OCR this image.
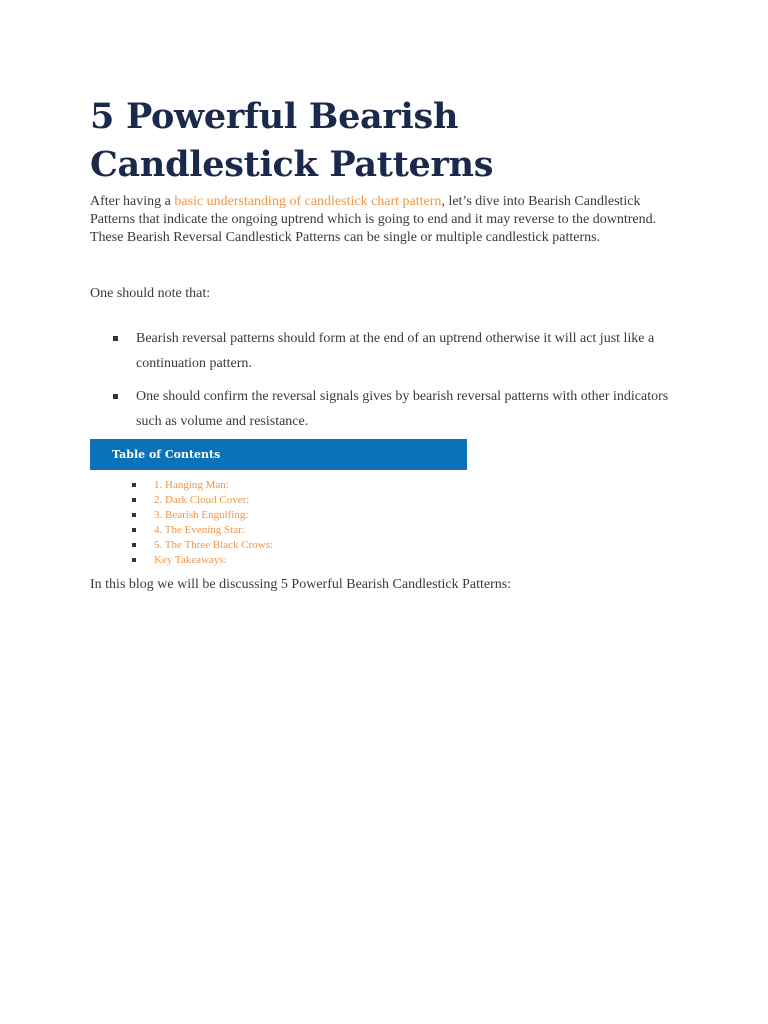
5 Powerful Bearish Candlestick Patterns

After having a basic understanding of candlestick chart pattern, let’s dive into Bearish Candlestick Patterns that indicate the ongoing uptrend which is going to end and it may reverse to the downtrend.
These Bearish Reversal Candlestick Patterns can be single or multiple candlestick patterns.

One should note that:

Bearish reversal patterns should form at the end of an uptrend otherwise it will act just like a continuation pattern.
One should confirm the reversal signals gives by bearish reversal patterns with other indicators such as volume and resistance.
Table of Contents
1. Hanging Man:
2. Dark Cloud Cover:
3. Bearish Engulfing:
4. The Evening Star:
5. The Three Black Crows:
Key Takeaways:

In this blog we will be discussing 5 Powerful Bearish Candlestick Patterns:
